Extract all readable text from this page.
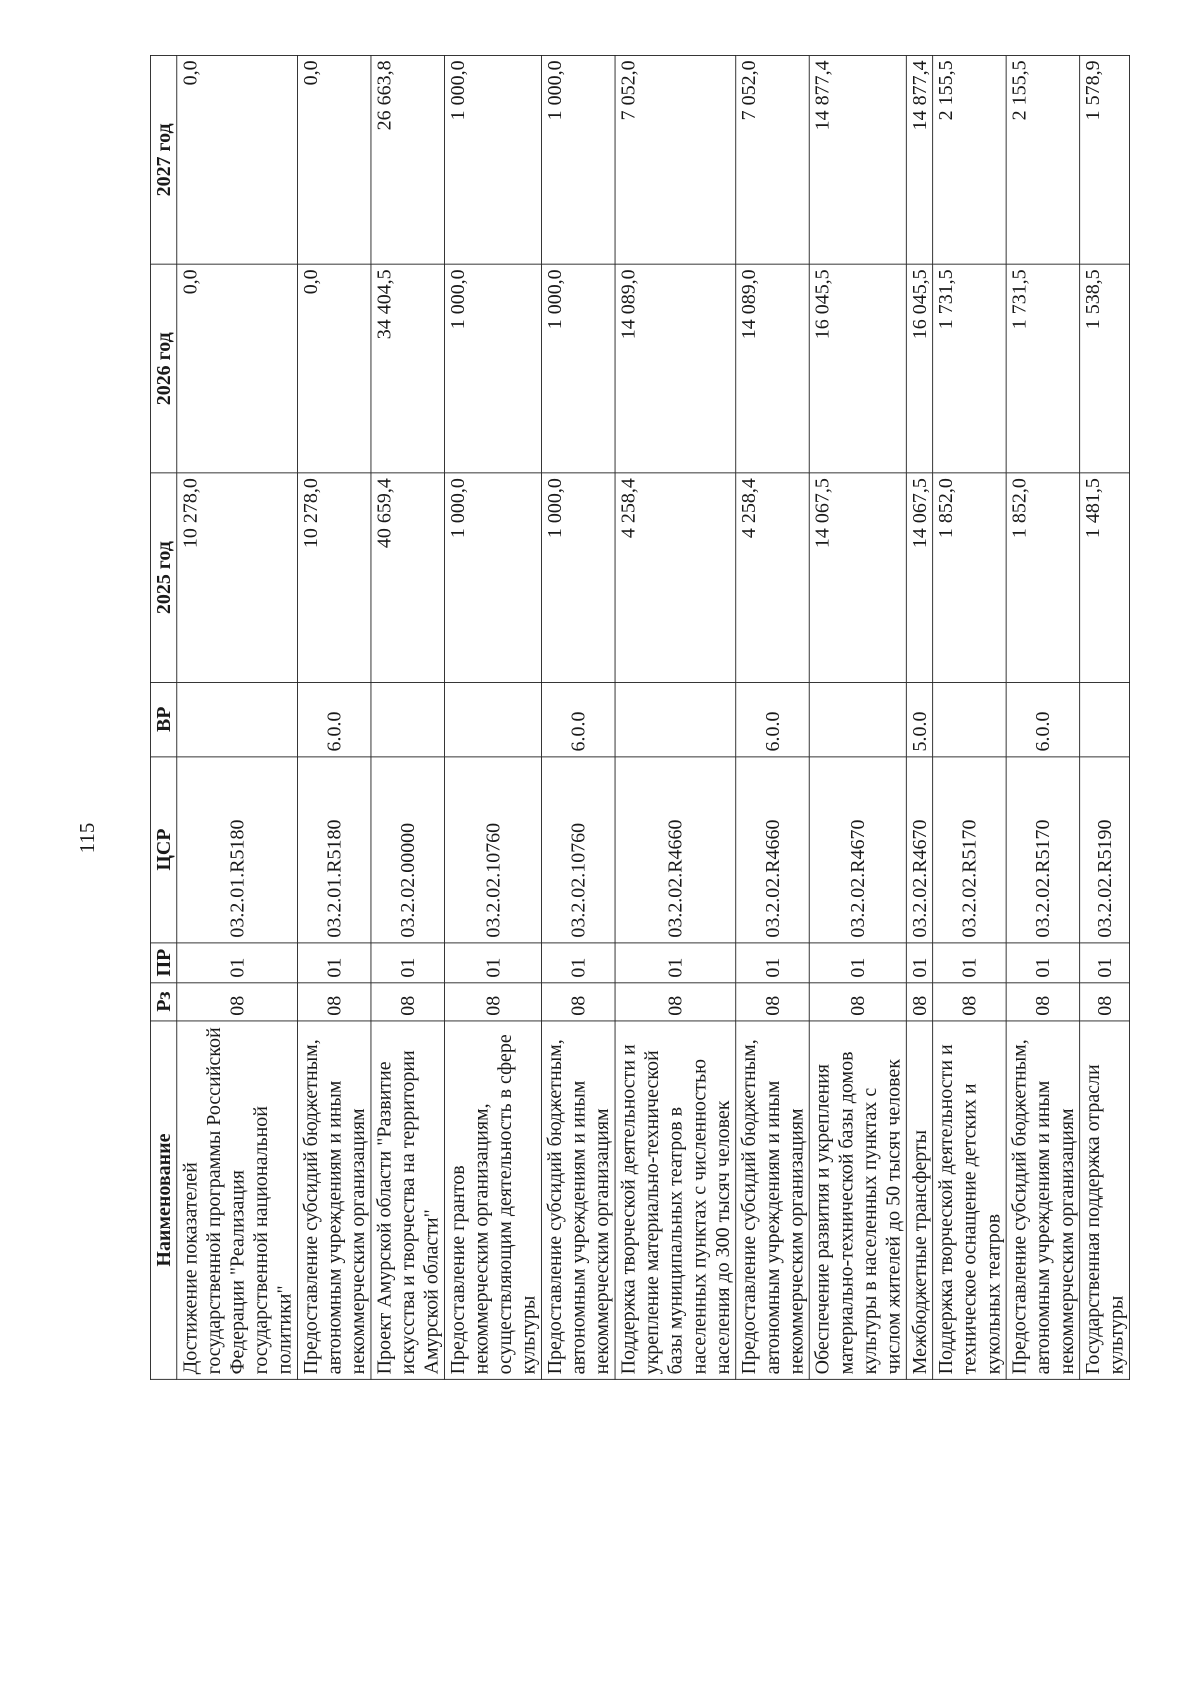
115
Наименование	Рз	ПР	ЦСР	ВР	2025 год	2026 год	2027 год
Достижение показателей государственной программы Российской Федерации "Реализация государственной национальной политики"	08	01	03.2.01.R5180		10 278,0	0,0	0,0
Предоставление субсидий бюджетным, автономным учреждениям и иным некоммерческим организациям	08	01	03.2.01.R5180	6.0.0	10 278,0	0,0	0,0
Проект Амурской области "Развитие искусства и творчества на территории Амурской области"	08	01	03.2.02.00000		40 659,4	34 404,5	26 663,8
Предоставление грантов некоммерческим организациям, осуществляющим деятельность в сфере культуры	08	01	03.2.02.10760		1 000,0	1 000,0	1 000,0
Предоставление субсидий бюджетным, автономным учреждениям и иным некоммерческим организациям	08	01	03.2.02.10760	6.0.0	1 000,0	1 000,0	1 000,0
Поддержка творческой деятельности и укрепление материально-технической базы муниципальных театров в населенных пунктах с численностью населения до 300 тысяч человек	08	01	03.2.02.R4660		4 258,4	14 089,0	7 052,0
Предоставление субсидий бюджетным, автономным учреждениям и иным некоммерческим организациям	08	01	03.2.02.R4660	6.0.0	4 258,4	14 089,0	7 052,0
Обеспечение развития и укрепления материально-технической базы домов культуры в населенных пунктах с числом жителей до 50 тысяч человек	08	01	03.2.02.R4670		14 067,5	16 045,5	14 877,4
Межбюджетные трансферты	08	01	03.2.02.R4670	5.0.0	14 067,5	16 045,5	14 877,4
Поддержка творческой деятельности и техническое оснащение детских и кукольных театров	08	01	03.2.02.R5170		1 852,0	1 731,5	2 155,5
Предоставление субсидий бюджетным, автономным учреждениям и иным некоммерческим организациям	08	01	03.2.02.R5170	6.0.0	1 852,0	1 731,5	2 155,5
Государственная поддержка отрасли культуры	08	01	03.2.02.R5190		1 481,5	1 538,5	1 578,9
